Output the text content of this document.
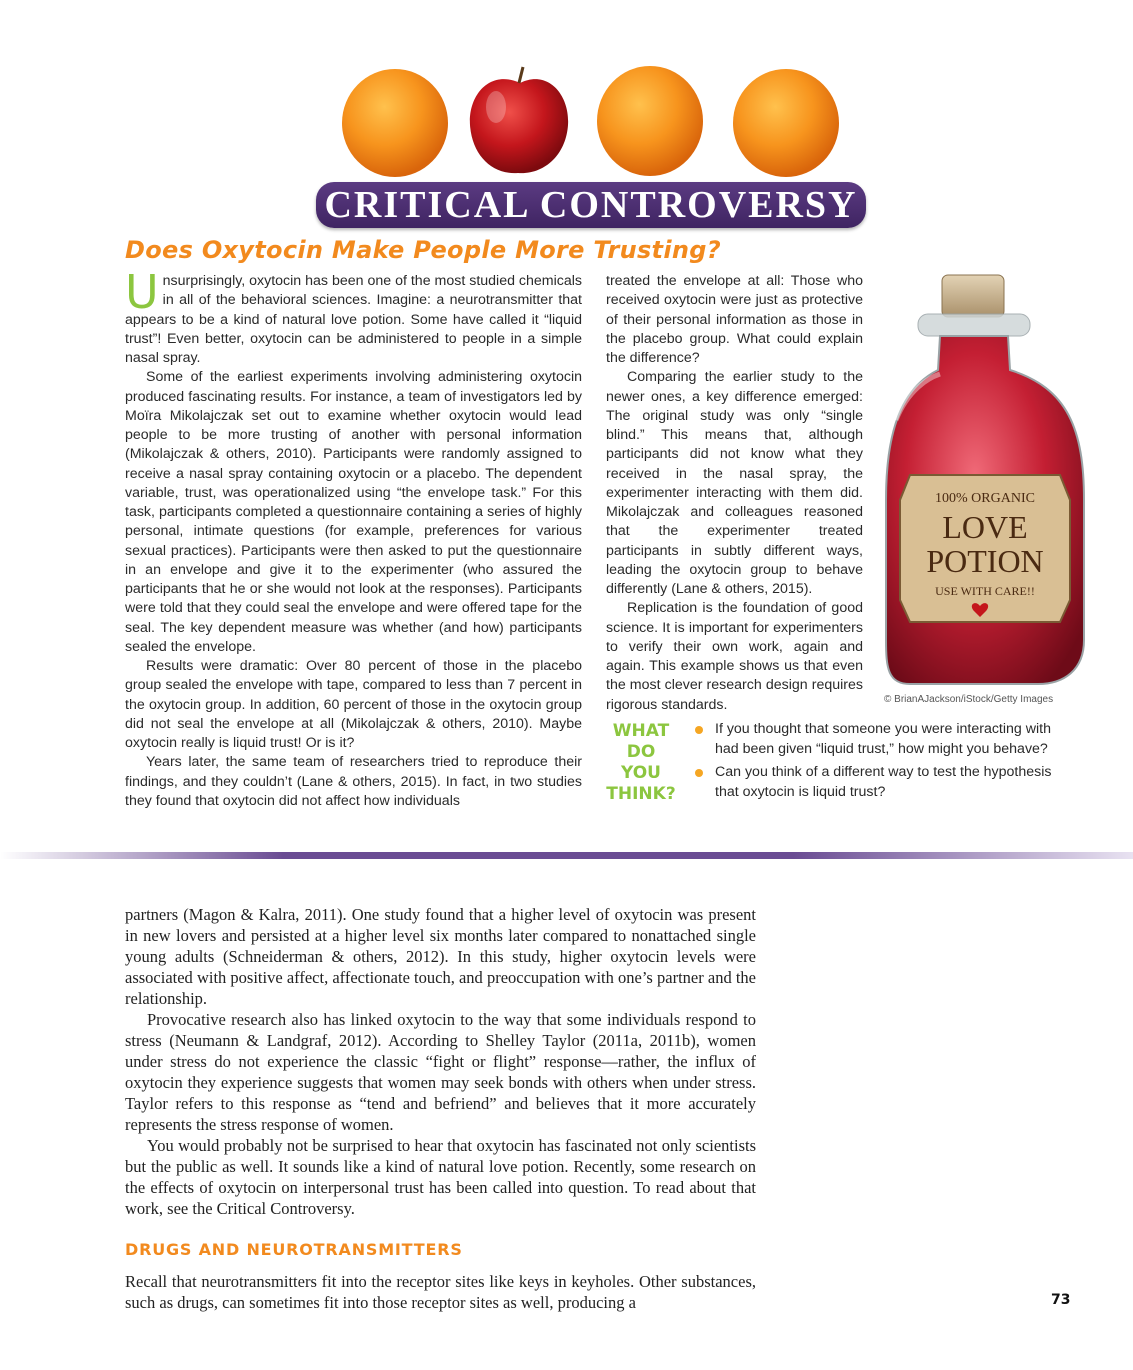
CRITICAL CONTROVERSY
Does Oxytocin Make People More Trusting?

Unsurprisingly, oxytocin has been one of the most studied chemicals in all of the behavioral sciences. Imagine: a neurotransmitter that appears to be a kind of natural love potion. Some have called it “liquid trust”! Even better, oxytocin can be administered to people in a simple nasal spray.

Some of the earliest experiments involving administering oxytocin produced fascinating results. For instance, a team of investigators led by Moïra Mikolajczak set out to examine whether oxytocin would lead people to be more trusting of another with personal information (Mikolajczak & others, 2010). Participants were randomly assigned to receive a nasal spray containing oxytocin or a placebo. The dependent variable, trust, was operationalized using “the envelope task.” For this task, participants completed a questionnaire containing a series of highly personal, intimate questions (for example, preferences for various sexual practices). Participants were then asked to put the questionnaire in an envelope and give it to the experimenter (who assured the participants that he or she would not look at the responses). Participants were told that they could seal the envelope and were offered tape for the seal. The key dependent measure was whether (and how) participants sealed the envelope.

Results were dramatic: Over 80 percent of those in the placebo group sealed the envelope with tape, compared to less than 7 percent in the oxytocin group. In addition, 60 percent of those in the oxytocin group did not seal the envelope at all (Mikolajczak & others, 2010). Maybe oxytocin really is liquid trust! Or is it?

Years later, the same team of researchers tried to reproduce their findings, and they couldn’t (Lane & others, 2015). In fact, in two studies they found that oxytocin did not affect how individuals

treated the envelope at all: Those who received oxytocin were just as protective of their personal information as those in the placebo group. What could explain the difference?

Comparing the earlier study to the newer ones, a key difference emerged: The original study was only “single blind.” This means that, although participants did not know what they received in the nasal spray, the experimenter interacting with them did. Mikolajczak and colleagues reasoned that the experimenter treated participants in subtly different ways, leading the oxytocin group to behave differently (Lane & others, 2015).

Replication is the foundation of good science. It is important for experimenters to verify their own work, again and again. This example shows us that even the most clever research design requires rigorous standards.

100% ORGANIC
LOVE
POTION
USE WITH CARE!!
© BrianAJackson/iStock/Getty Images
WHAT DO YOU THINK?
If you thought that someone you were interacting with had been given “liquid trust,” how might you behave?
Can you think of a different way to test the hypothesis that oxytocin is liquid trust?

partners (Magon & Kalra, 2011). One study found that a higher level of oxytocin was present in new lovers and persisted at a higher level six months later compared to nonattached single young adults (Schneiderman & others, 2012). In this study, higher oxytocin levels were associated with positive affect, affectionate touch, and preoccupation with one’s partner and the relationship.

Provocative research also has linked oxytocin to the way that some individuals respond to stress (Neumann & Landgraf, 2012). According to Shelley Taylor (2011a, 2011b), women under stress do not experience the classic “fight or flight” response—rather, the influx of oxytocin they experience suggests that women may seek bonds with others when under stress. Taylor refers to this response as “tend and befriend” and believes that it more accurately represents the stress response of women.

You would probably not be surprised to hear that oxytocin has fascinated not only scientists but the public as well. It sounds like a kind of natural love potion. Recently, some research on the effects of oxytocin on interpersonal trust has been called into question. To read about that work, see the Critical Controversy.

DRUGS AND NEUROTRANSMITTERS

Recall that neurotransmitters fit into the receptor sites like keys in keyholes. Other substances, such as drugs, can sometimes fit into those receptor sites as well, producing a	73
